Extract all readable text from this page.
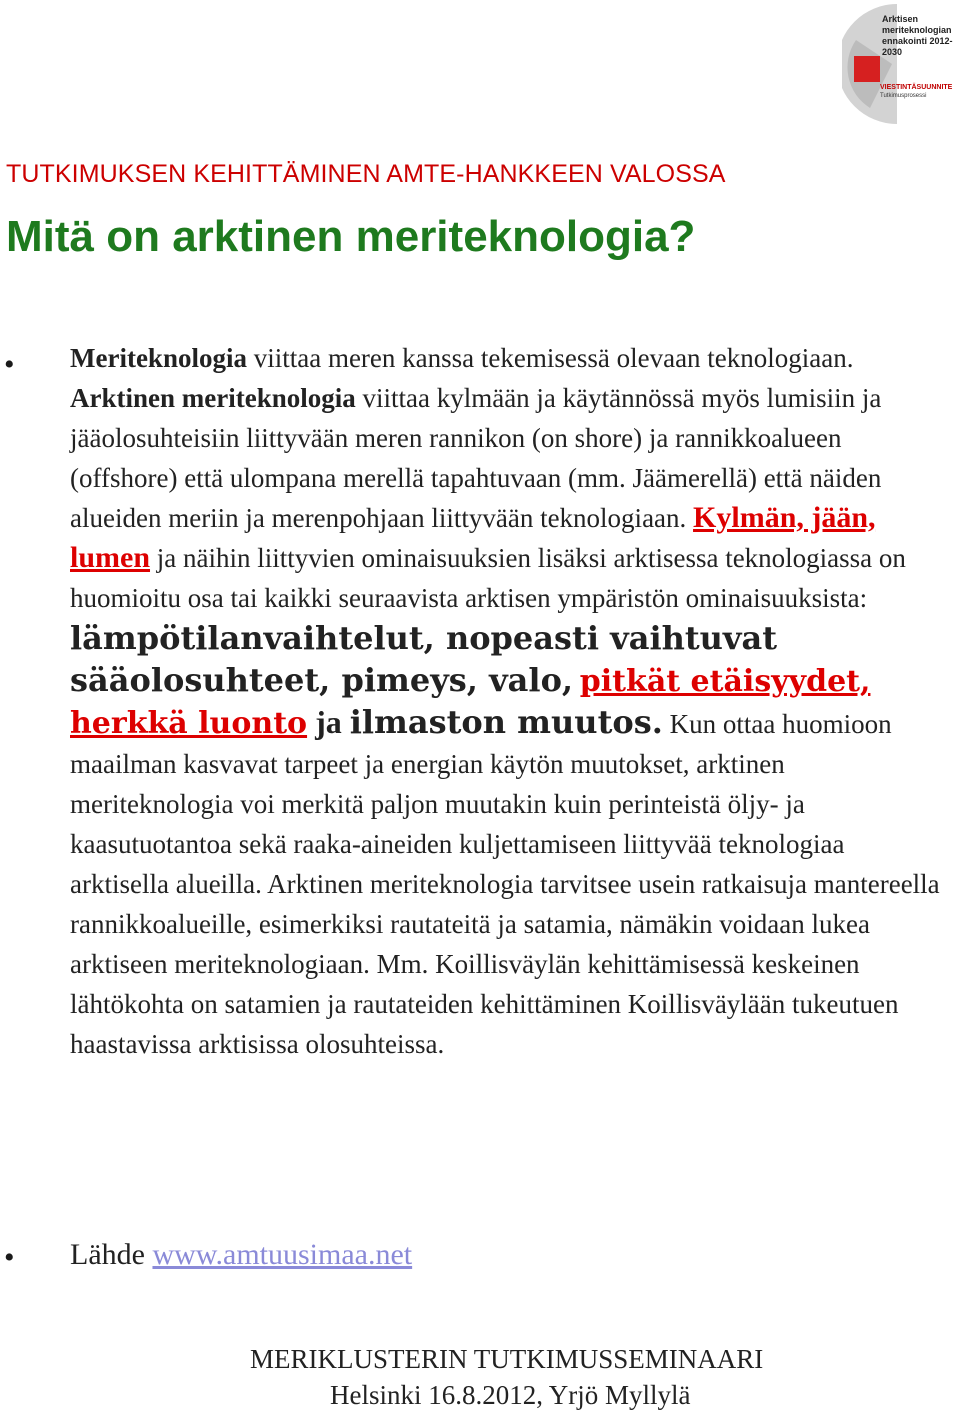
Arktisen
meriteknologian
ennakointi 2012-
2030
VIESTINTÄSUUNNITE
Tutkimusprosessi
TUTKIMUKSEN KEHITTÄMINEN AMTE-HANKKEEN VALOSSA
Mitä on arktinen meriteknologia?
• Meriteknologia viittaa meren kanssa tekemisessä olevaan teknologiaan. Arktinen meriteknologia viittaa kylmään ja käytännössä myös lumisiin ja jääolosuhteisiin liittyvään meren rannikon (on shore) ja rannikkoalueen (offshore) että ulompana merellä tapahtuvaan (mm. Jäämerellä) että näiden alueiden meriin ja merenpohjaan liittyvään teknologiaan. Kylmän, jään, lumen ja näihin liittyvien ominaisuuksien lisäksi arktisessa teknologiassa on huomioitu osa tai kaikki seuraavista arktisen ympäristön ominaisuuksista: lämpötilanvaihtelut, nopeasti vaihtuvat sääolosuhteet, pimeys, valo, pitkät etäisyydet, herkkä luonto ja ilmaston muutos. Kun ottaa huomioon maailman kasvavat tarpeet ja energian käytön muutokset, arktinen meriteknologia voi merkitä paljon muutakin kuin perinteistä öljy- ja kaasutuotantoa sekä raaka-aineiden kuljettamiseen liittyvää teknologiaa arktisella alueilla. Arktinen meriteknologia tarvitsee usein ratkaisuja mantereella rannikkoalueille, esimerkiksi rautateitä ja satamia, nämäkin voidaan lukea arktiseen meriteknologiaan. Mm. Koillisväylän kehittämisessä keskeinen lähtökohta on satamien ja rautateiden kehittäminen Koillisväylään tukeutuen haastavissa arktisissa olosuhteissa.
• Lähde www.amtuusimaa.net
MERIKLUSTERIN TUTKIMUSSEMINAARI
Helsinki 16.8.2012, Yrjö Myllylä
